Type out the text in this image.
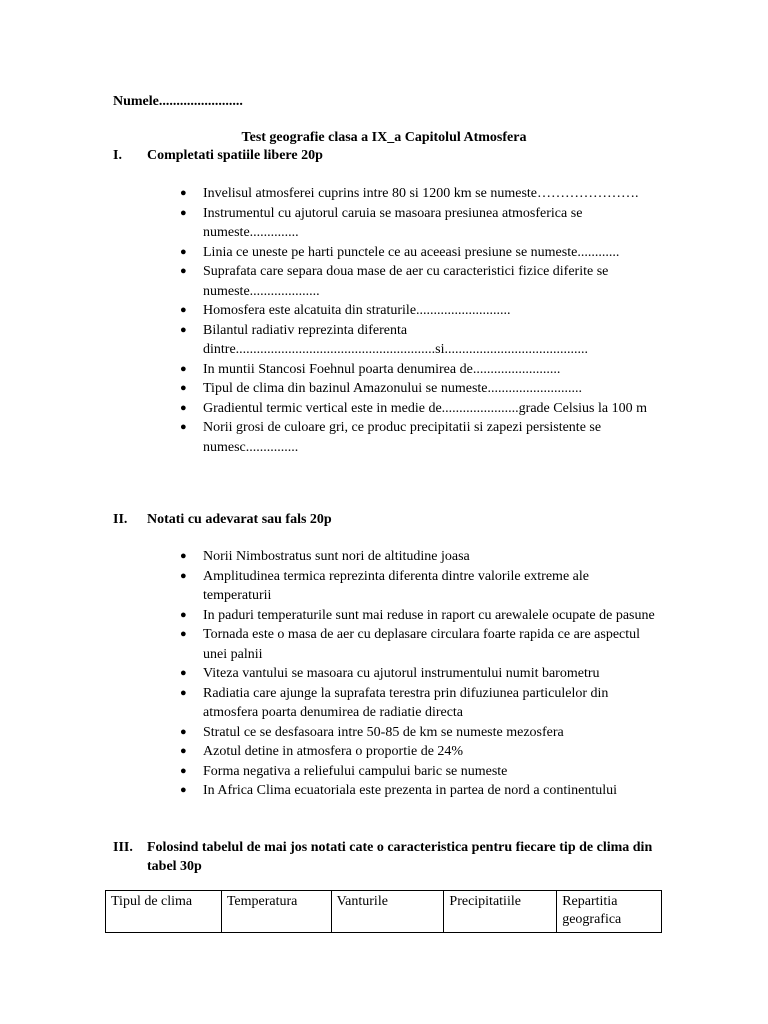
Numele........................
Test geografie clasa a IX_a Capitolul Atmosfera
I. Completati spatiile libere 20p
● Invelisul atmosferei cuprins intre 80 si 1200 km se numeste………………….
● Instrumentul cu ajutorul caruia se masoara presiunea atmosferica se numeste..............
● Linia ce uneste pe harti punctele ce au aceeasi presiune se numeste............
● Suprafata care separa doua mase de aer cu caracteristici fizice diferite se numeste....................
● Homosfera este alcatuita din straturile...........................
● Bilantul radiativ reprezinta diferenta dintre.........................................................si.........................................
● In muntii Stancosi Foehnul poarta denumirea de.........................
● Tipul de clima din bazinul Amazonului se numeste...........................
● Gradientul termic vertical este in medie de......................grade Celsius la 100 m
● Norii grosi de culoare gri, ce produc precipitatii si zapezi persistente se numesc...............
II. Notati cu adevarat sau fals 20p
● Norii Nimbostratus sunt nori de altitudine joasa
● Amplitudinea termica reprezinta diferenta dintre valorile extreme ale temperaturii
● In paduri temperaturile sunt mai reduse in raport cu arewalele ocupate de pasune
● Tornada este o masa de aer cu deplasare circulara foarte rapida ce are aspectul unei palnii
● Viteza vantului se masoara cu ajutorul instrumentului numit barometru
● Radiatia care ajunge la suprafata terestra prin difuziunea particulelor din atmosfera poarta denumirea de radiatie directa
● Stratul ce se desfasoara intre 50-85 de km se numeste mezosfera
● Azotul detine in atmosfera o proportie de 24%
● Forma negativa a reliefului campului baric se numeste
● In Africa Clima ecuatoriala este prezenta in partea de nord a continentului
III.	Folosind tabelul de mai jos notati cate o caracteristica pentru fiecare tip de clima din tabel 30p
Tipul de clima	Temperatura	Vanturile	Precipitatiile	Repartitia geografica
